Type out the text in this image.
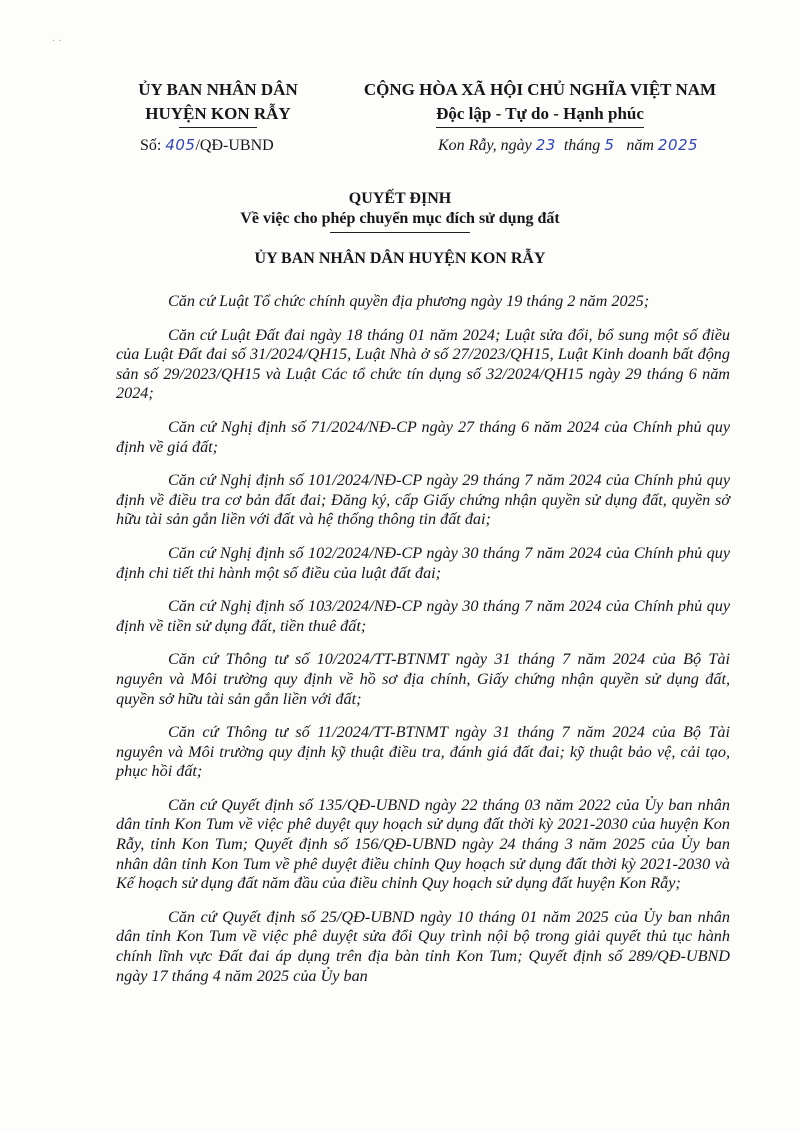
· ·
ỦY BAN NHÂN DÂN
HUYỆN KON RẪY
CỘNG HÒA XÃ HỘI CHỦ NGHĨA VIỆT NAM
Độc lập - Tự do - Hạnh phúc
Số: 405/QĐ-UBND	Kon Rẫy, ngày 23 tháng 5 năm 2025
QUYẾT ĐỊNH
Về việc cho phép chuyển mục đích sử dụng đất
ỦY BAN NHÂN DÂN HUYỆN KON RẪY

Căn cứ Luật Tổ chức chính quyền địa phương ngày 19 tháng 2 năm 2025;

Căn cứ Luật Đất đai ngày 18 tháng 01 năm 2024; Luật sửa đổi, bổ sung một số điều của Luật Đất đai số 31/2024/QH15, Luật Nhà ở số 27/2023/QH15, Luật Kinh doanh bất động sản số 29/2023/QH15 và Luật Các tổ chức tín dụng số 32/2024/QH15 ngày 29 tháng 6 năm 2024;

Căn cứ Nghị định số 71/2024/NĐ-CP ngày 27 tháng 6 năm 2024 của Chính phủ quy định về giá đất;

Căn cứ Nghị định số 101/2024/NĐ-CP ngày 29 tháng 7 năm 2024 của Chính phủ quy định về điều tra cơ bản đất đai; Đăng ký, cấp Giấy chứng nhận quyền sử dụng đất, quyền sở hữu tài sản gắn liền với đất và hệ thống thông tin đất đai;

Căn cứ Nghị định số 102/2024/NĐ-CP ngày 30 tháng 7 năm 2024 của Chính phủ quy định chi tiết thi hành một số điều của luật đất đai;

Căn cứ Nghị định số 103/2024/NĐ-CP ngày 30 tháng 7 năm 2024 của Chính phủ quy định về tiền sử dụng đất, tiền thuê đất;

Căn cứ Thông tư số 10/2024/TT-BTNMT ngày 31 tháng 7 năm 2024 của Bộ Tài nguyên và Môi trường quy định về hồ sơ địa chính, Giấy chứng nhận quyền sử dụng đất, quyền sở hữu tài sản gắn liền với đất;

Căn cứ Thông tư số 11/2024/TT-BTNMT ngày 31 tháng 7 năm 2024 của Bộ Tài nguyên và Môi trường quy định kỹ thuật điều tra, đánh giá đất đai; kỹ thuật bảo vệ, cải tạo, phục hồi đất;

Căn cứ Quyết định số 135/QĐ-UBND ngày 22 tháng 03 năm 2022 của Ủy ban nhân dân tỉnh Kon Tum về việc phê duyệt quy hoạch sử dụng đất thời kỳ 2021-2030 của huyện Kon Rẫy, tỉnh Kon Tum; Quyết định số 156/QĐ-UBND ngày 24 tháng 3 năm 2025 của Ủy ban nhân dân tỉnh Kon Tum về phê duyệt điều chỉnh Quy hoạch sử dụng đất thời kỳ 2021-2030 và Kế hoạch sử dụng đất năm đầu của điều chỉnh Quy hoạch sử dụng đất huyện Kon Rẫy;

Căn cứ Quyết định số 25/QĐ-UBND ngày 10 tháng 01 năm 2025 của Ủy ban nhân dân tỉnh Kon Tum về việc phê duyệt sửa đổi Quy trình nội bộ trong giải quyết thủ tục hành chính lĩnh vực Đất đai áp dụng trên địa bàn tỉnh Kon Tum; Quyết định số 289/QĐ-UBND ngày 17 tháng 4 năm 2025 của Ủy ban
